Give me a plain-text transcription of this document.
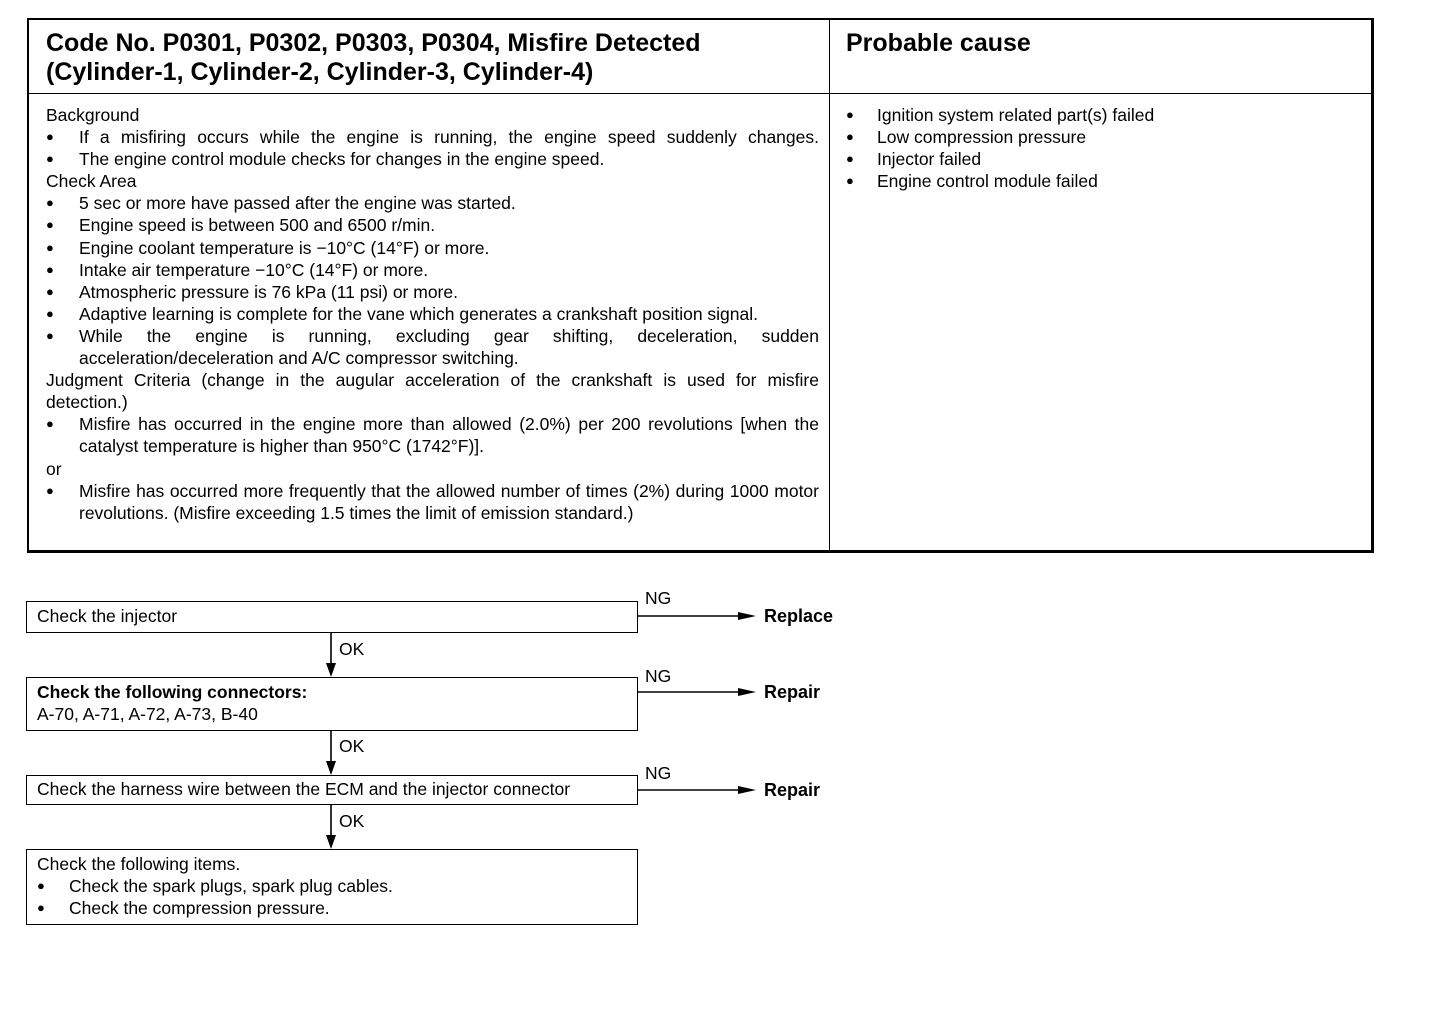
Code No. P0301, P0302, P0303, P0304, Misfire Detected
(Cylinder-1, Cylinder-2, Cylinder-3, Cylinder-4)
Probable cause
Background
● If a misfiring occurs while the engine is running, the engine speed suddenly changes.
● The engine control module checks for changes in the engine speed.
Check Area
● 5 sec or more have passed after the engine was started.
● Engine speed is between 500 and 6500 r/min.
● Engine coolant temperature is −10°C (14°F) or more.
● Intake air temperature −10°C (14°F) or more.
● Atmospheric pressure is 76 kPa (11 psi) or more.
● Adaptive learning is complete for the vane which generates a crankshaft position signal.
● While the engine is running, excluding gear shifting, deceleration, sudden acceleration/deceleration and A/C compressor switching.
Judgment Criteria (change in the augular acceleration of the crankshaft is used for misfire detection.)
● Misfire has occurred in the engine more than allowed (2.0%) per 200 revolutions [when the catalyst temperature is higher than 950°C (1742°F)].
or
● Misfire has occurred more frequently that the allowed number of times (2%) during 1000 motor revolutions. (Misfire exceeding 1.5 times the limit of emission standard.)
● Ignition system related part(s) failed
● Low compression pressure
● Injector failed
● Engine control module failed
Check the injector
Check the following connectors:
A-70, A-71, A-72, A-73, B-40
Check the harness wire between the ECM and the injector connector
Check the following items.
● Check the spark plugs, spark plug cables.
● Check the compression pressure.
NG
NG
NG
OK
OK
OK
Replace
Repair
Repair
